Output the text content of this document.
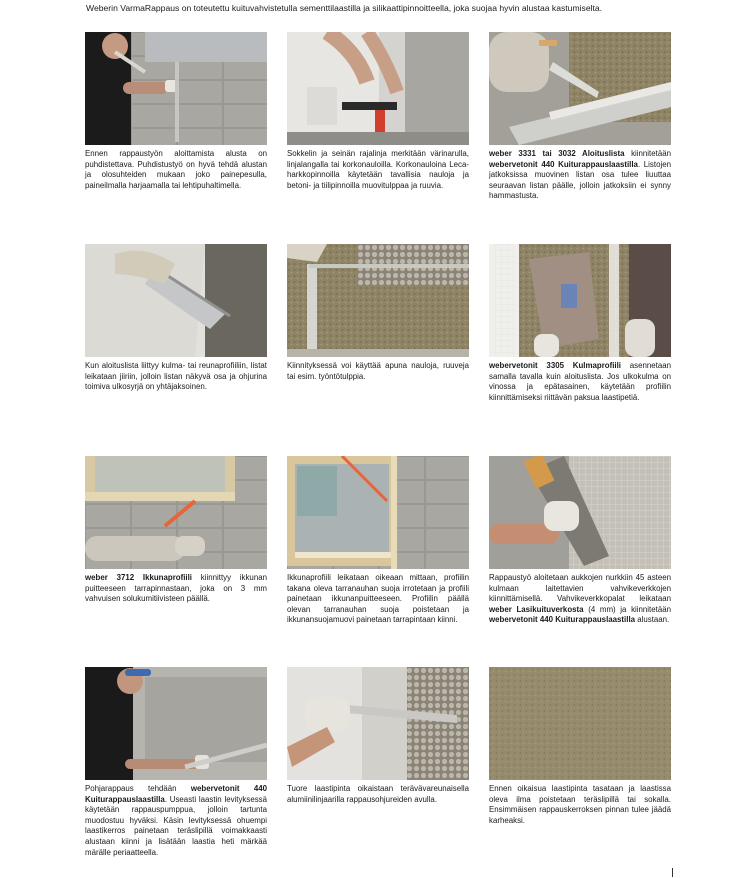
Weberin VarmaRappaus on toteutettu kuituvahvistetulla sementtilaastilla ja silikaattipinnoitteella, joka suojaa hyvin alustaa kastumiselta.
Ennen rappaustyön aloittamista alusta on puhdistettava. Puhdistustyö on hyvä tehdä alustan ja olosuhteiden mukaan joko painepesulla, paineilmalla harjaamalla tai lehtipuhaltimella.
Sokkelin ja seinän rajalinja merkitään värinarulla, linjalangalla tai korkonauloilla. Korkonauloina Leca-harkkopinnoilla käytetään tavallisia nauloja ja betoni- ja tiilipinnoilla muovitulppaa ja ruuvia.
weber 3331 tai 3032 Aloituslista kiinnitetään webervetonit 440 Kuiturappauslaastilla. Listojen jatkoksissa muovinen listan osa tulee liuuttaa seuraavan listan päälle, jolloin jatkoksiin ei synny hammastusta.
Kun aloituslista liittyy kulma- tai reunaprofiiliin, listat leikataan jiiriin, jolloin listan näkyvä osa ja ohjurina toimiva ulkosyrjä on yhtäjaksoinen.
Kiinnityksessä voi käyttää apuna nauloja, ruuveja tai esim. työntötulppia.
webervetonit 3305 Kulmaprofiili asennetaan samalla tavalla kuin aloituslista. Jos ulkokulma on vinossa ja epätasainen, käytetään profiilin kiinnittämiseksi riittävän paksua laastipetiä.
weber 3712 Ikkunaprofiili kiinnittyy ikkunan puitteeseen tarrapinnastaan, joka on 3 mm vahvuisen solukumitiivisteen päällä.
Ikkunaprofiili leikataan oikeaan mittaan, profiilin takana oleva tarranauhan suoja irrotetaan ja profiili painetaan ikkunanpuitteeseen. Profiilin päällä olevan tarranauhan suoja poistetaan ja ikkunansuojamuovi painetaan tarrapintaan kiinni.
Rappaustyö aloitetaan aukkojen nurkkiin 45 asteen kulmaan laitettavien vahvikeverkkojen kiinnittämisellä. Vahvikeverkkopalat leikataan weber Lasikuituverkosta (4 mm) ja kiinnitetään webervetonit 440 Kuiturappauslaastilla alustaan.
Pohjarappaus tehdään webervetonit 440 Kuiturappauslaastilla. Useasti laastin levityksessä käytetään rappauspumppua, jolloin tartunta muodostuu hyväksi. Käsin levityksessä ohuempi laastikerros painetaan teräslipillä voimakkaasti alustaan kiinni ja lisätään laastia heti märkää märälle periaatteella.
Tuore laastipinta oikaistaan terävävareunaisella alumiinilinjaarilla rappausohjureiden avulla.
Ennen oikaisua laastipinta tasataan ja laastissa oleva ilma poistetaan teräslipillä tai sokalla. Ensimmäisen rappauskerroksen pinnan tulee jäädä karheaksi.
